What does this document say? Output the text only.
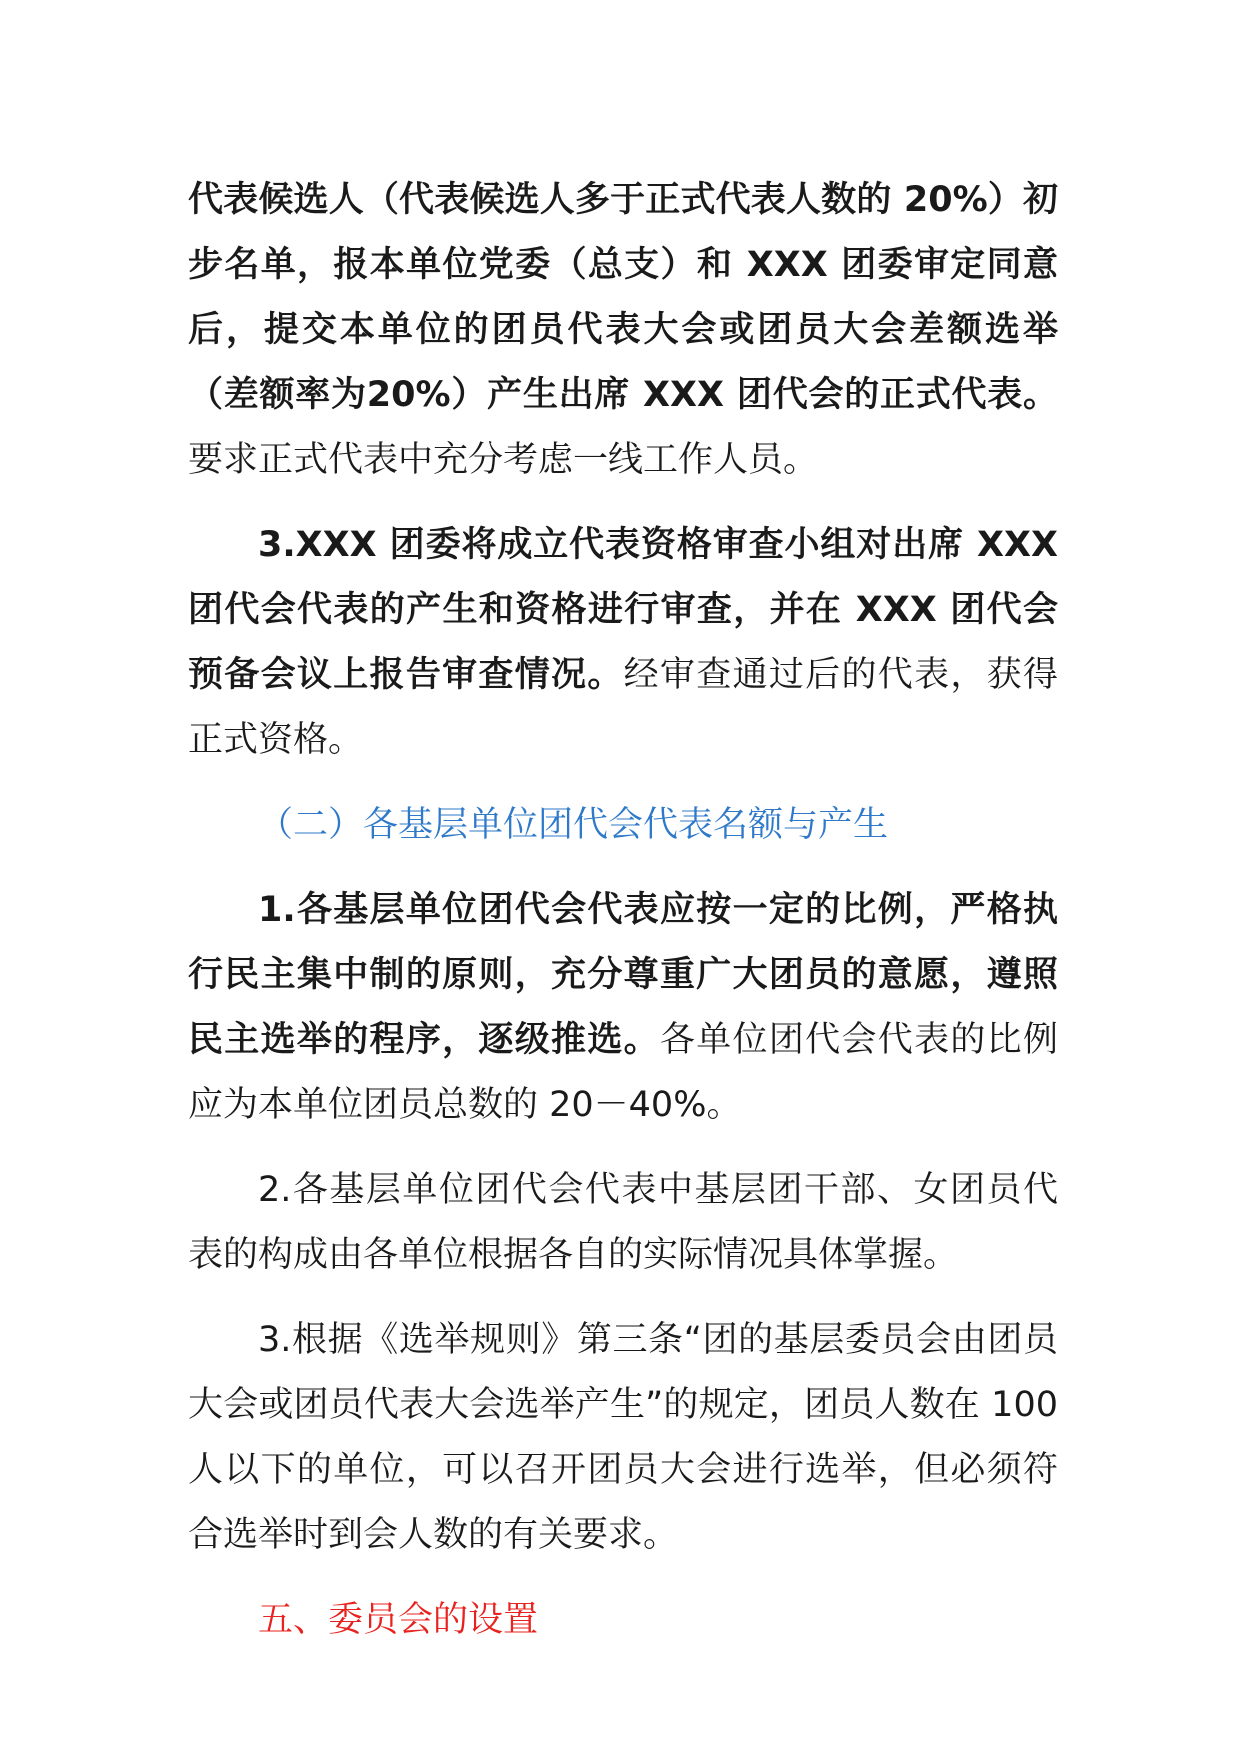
代表候选人（代表候选人多于正式代表人数的 20%）初步名单，报本单位党委（总支）和 XXX 团委审定同意后，提交本单位的团员代表大会或团员大会差额选举（差额率为20%）产生出席 XXX 团代会的正式代表。要求正式代表中充分考虑一线工作人员。

3.XXX 团委将成立代表资格审查小组对出席 XXX 团代会代表的产生和资格进行审查，并在 XXX 团代会预备会议上报告审查情况。经审查通过后的代表，获得正式资格。

（二）各基层单位团代会代表名额与产生

1.各基层单位团代会代表应按一定的比例，严格执行民主集中制的原则，充分尊重广大团员的意愿，遵照民主选举的程序，逐级推选。各单位团代会代表的比例应为本单位团员总数的 20－40%。

2.各基层单位团代会代表中基层团干部、女团员代表的构成由各单位根据各自的实际情况具体掌握。

3.根据《选举规则》第三条“团的基层委员会由团员大会或团员代表大会选举产生”的规定，团员人数在 100 人以下的单位，可以召开团员大会进行选举，但必须符合选举时到会人数的有关要求。

五、委员会的设置
